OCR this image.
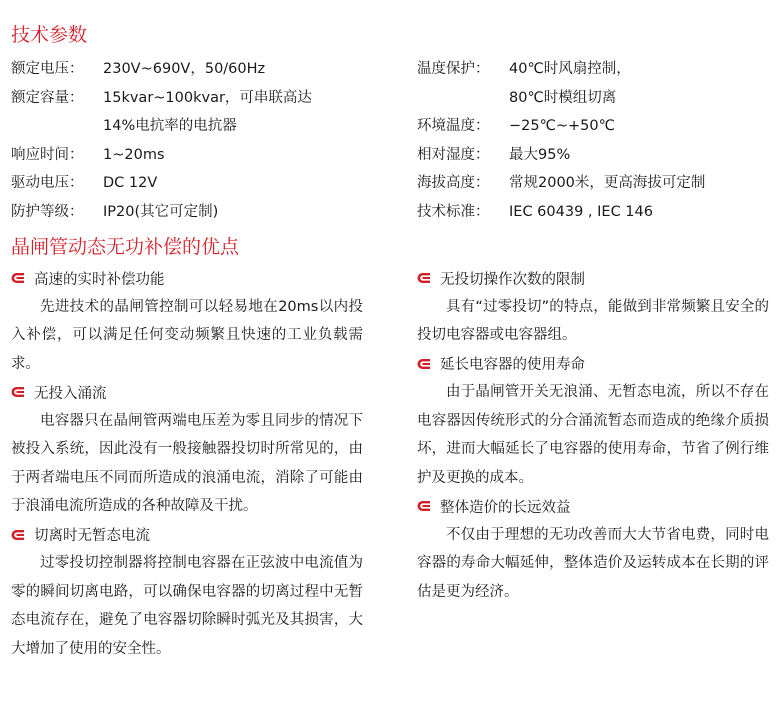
技术参数
额定电压：	230V~690V，50/60Hz
额定容量：	15kvar~100kvar，可串联高达
14%电抗率的电抗器
响应时间：	1~20ms
驱动电压：	DC 12V
防护等级：	IP20(其它可定制)
温度保护：	40℃时风扇控制，
80℃时模组切离
环境温度：	−25℃~+50℃
相对湿度：	最大95%
海拔高度：	常规2000米，更高海拔可定制
技术标准：	IEC 60439 , IEC 146
晶闸管动态无功补偿的优点
高速的实时补偿功能

先进技术的晶闸管控制可以轻易地在20ms以内投入补偿，可以满足任何变动频繁且快速的工业负载需求。

无投入涌流

电容器只在晶闸管两端电压差为零且同步的情况下被投入系统，因此没有一般接触器投切时所常见的，由于两者端电压不同而所造成的浪涌电流，消除了可能由于浪涌电流所造成的各种故障及干扰。

切离时无暂态电流

过零投切控制器将控制电容器在正弦波中电流值为零的瞬间切离电路，可以确保电容器的切离过程中无暂态电流存在，避免了电容器切除瞬时弧光及其损害，大大增加了使用的安全性。

无投切操作次数的限制

具有“过零投切”的特点，能做到非常频繁且安全的投切电容器或电容器组。

延长电容器的使用寿命

由于晶闸管开关无浪涌、无暂态电流，所以不存在电容器因传统形式的分合涌流暂态而造成的绝缘介质损坏，进而大幅延长了电容器的使用寿命，节省了例行维护及更换的成本。

整体造价的长远效益

不仅由于理想的无功改善而大大节省电费，同时电容器的寿命大幅延伸，整体造价及运转成本在长期的评估是更为经济。
